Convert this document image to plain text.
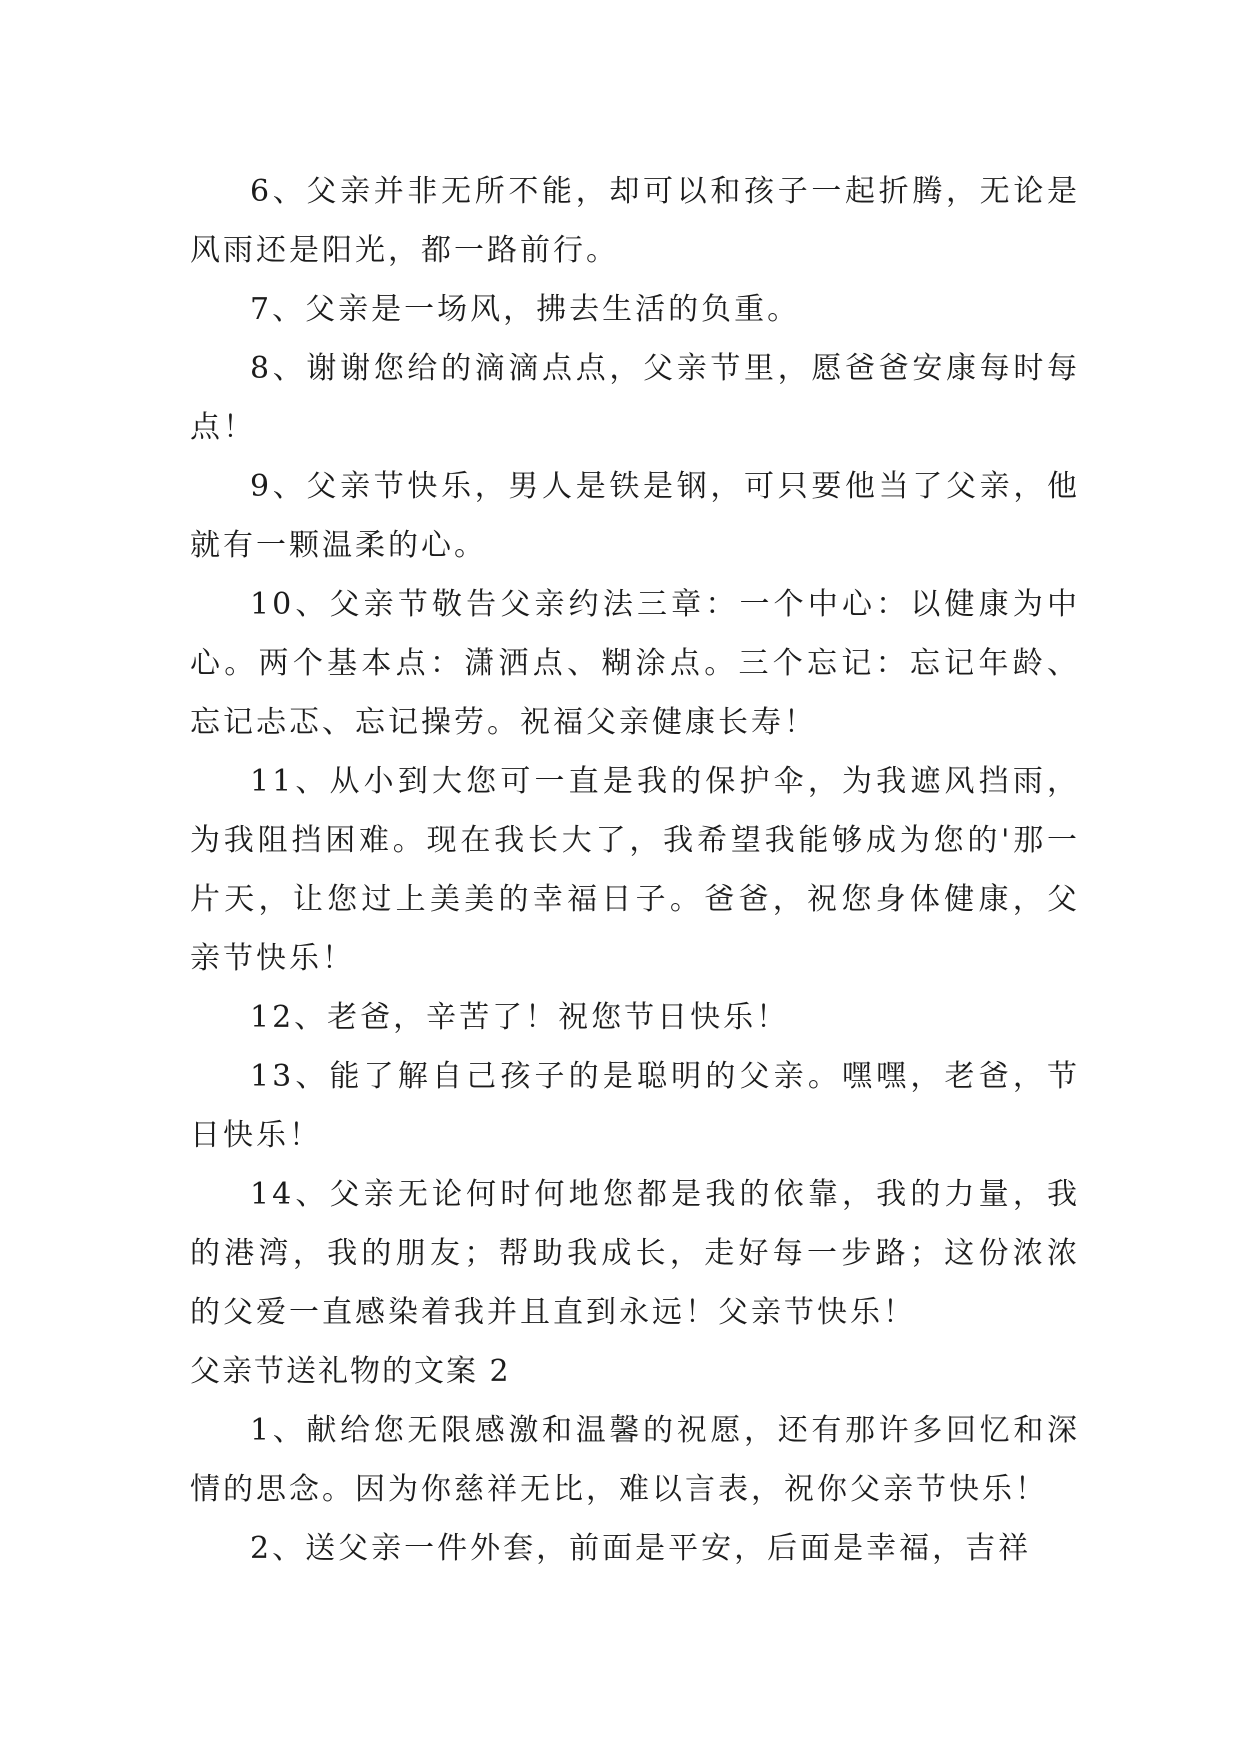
6、父亲并非无所不能，却可以和孩子一起折腾，无论是风雨还是阳光，都一路前行。

7、父亲是一场风，拂去生活的负重。

8、谢谢您给的滴滴点点，父亲节里，愿爸爸安康每时每点！

9、父亲节快乐，男人是铁是钢，可只要他当了父亲，他就有一颗温柔的心。

10、父亲节敬告父亲约法三章：一个中心：以健康为中心。两个基本点：潇洒点、糊涂点。三个忘记：忘记年龄、忘记忐忑、忘记操劳。祝福父亲健康长寿！

11、从小到大您可一直是我的保护伞，为我遮风挡雨，为我阻挡困难。现在我长大了，我希望我能够成为您的'那一片天，让您过上美美的幸福日子。爸爸，祝您身体健康，父亲节快乐！

12、老爸，辛苦了！祝您节日快乐！

13、能了解自己孩子的是聪明的父亲。嘿嘿，老爸，节日快乐！

14、父亲无论何时何地您都是我的依靠，我的力量，我的港湾，我的朋友；帮助我成长，走好每一步路；这份浓浓的父爱一直感染着我并且直到永远！父亲节快乐！

父亲节送礼物的文案 2

1、献给您无限感激和温馨的祝愿，还有那许多回忆和深情的思念。因为你慈祥无比，难以言表，祝你父亲节快乐！

2、送父亲一件外套，前面是平安，后面是幸福，吉祥
